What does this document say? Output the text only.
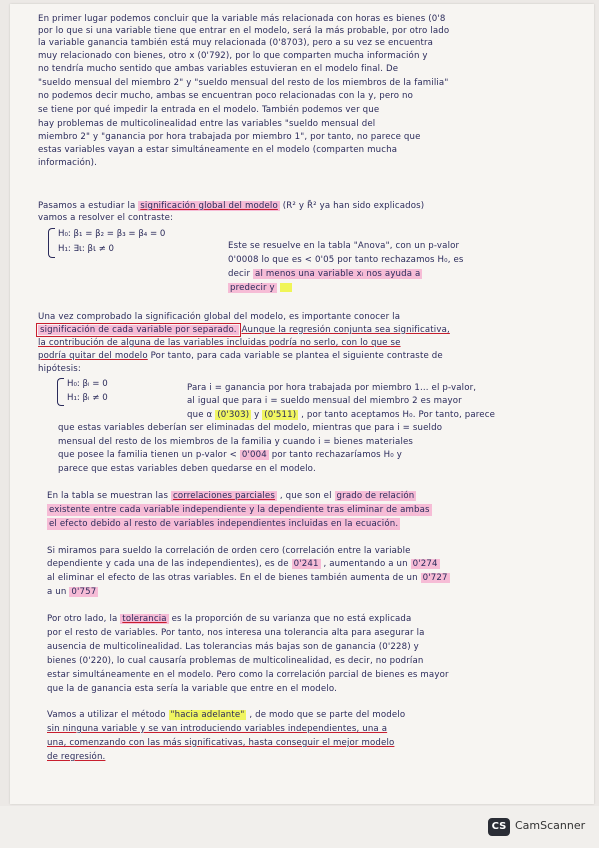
En primer lugar podemos concluir que la variable más relacionada con horas es bienes (0'8
por lo que si una variable tiene que entrar en el modelo, será la más probable, por otro lado
la variable ganancia también está muy relacionada (0'8703), pero a su vez se encuentra
muy relacionado con bienes, otro x (0'792), por lo que comparten mucha información y
no tendría mucho sentido que ambas variables estuvieran en el modelo final. De
"sueldo mensual del miembro 2" y "sueldo mensual del resto de los miembros de la familia"
no podemos decir mucho, ambas se encuentran poco relacionadas con la y, pero no
se tiene por qué impedir la entrada en el modelo. También podemos ver que
hay problemas de multicolinealidad entre las variables "sueldo mensual del
miembro 2" y "ganancia por hora trabajada por miembro 1", por tanto, no parece que
estas variables vayan a estar simultáneamente en el modelo (comparten mucha
información).
Pasamos a estudiar la significación global del modelo (R² y R̄² ya han sido explicados)
vamos a resolver el contraste:
H₀: β₁ = β₂ = β₃ = β₄ = 0
H₁: ∃ι: βι ≠ 0	Este se resuelve en la tabla "Anova", con un p-valor
0'0008 lo que es < 0'05 por tanto rechazamos H₀, es
decir al menos una variable xᵢ nos ayuda a
predecir y
Una vez comprobado la significación global del modelo, es importante conocer la
significación de cada variable por separado. Aunque la regresión conjunta sea significativa,
la contribución de alguna de las variables incluidas podría no serlo, con lo que se
podría quitar del modelo Por tanto, para cada variable se plantea el siguiente contraste de
hipótesis:
H₀: βᵢ = 0
H₁: βᵢ ≠ 0
Para i = ganancia por hora trabajada por miembro 1... el p-valor,
al igual que para i = sueldo mensual del miembro 2 es mayor
que α (0'303) y (0'511) , por tanto aceptamos H₀. Por tanto, parece
que estas variables deberían ser eliminadas del modelo, mientras que para i = sueldo
mensual del resto de los miembros de la familia y cuando i = bienes materiales
que posee la familia tienen un p-valor < 0'004 por tanto rechazaríamos H₀ y
parece que estas variables deben quedarse en el modelo.
En la tabla se muestran las correlaciones parciales , que son el grado de relación
existente entre cada variable independiente y la dependiente tras eliminar de ambas
el efecto debido al resto de variables independientes incluidas en la ecuación.
Si miramos para sueldo la correlación de orden cero (correlación entre la variable
dependiente y cada una de las independientes), es de 0'241 , aumentando a un 0'274
al eliminar el efecto de las otras variables. En el de bienes también aumenta de un 0'727
a un 0'757
Por otro lado, la tolerancia es la proporción de su varianza que no está explicada
por el resto de variables. Por tanto, nos interesa una tolerancia alta para asegurar la
ausencia de multicolinealidad. Las tolerancias más bajas son de ganancia (0'228) y
bienes (0'220), lo cual causaría problemas de multicolinealidad, es decir, no podrían
estar simultáneamente en el modelo. Pero como la correlación parcial de bienes es mayor
que la de ganancia esta sería la variable que entre en el modelo.
Vamos a utilizar el método "hacia adelante" , de modo que se parte del modelo
sin ninguna variable y se van introduciendo variables independientes, una a
una, comenzando con las más significativas, hasta conseguir el mejor modelo
de regresión.
CS CamScanner
